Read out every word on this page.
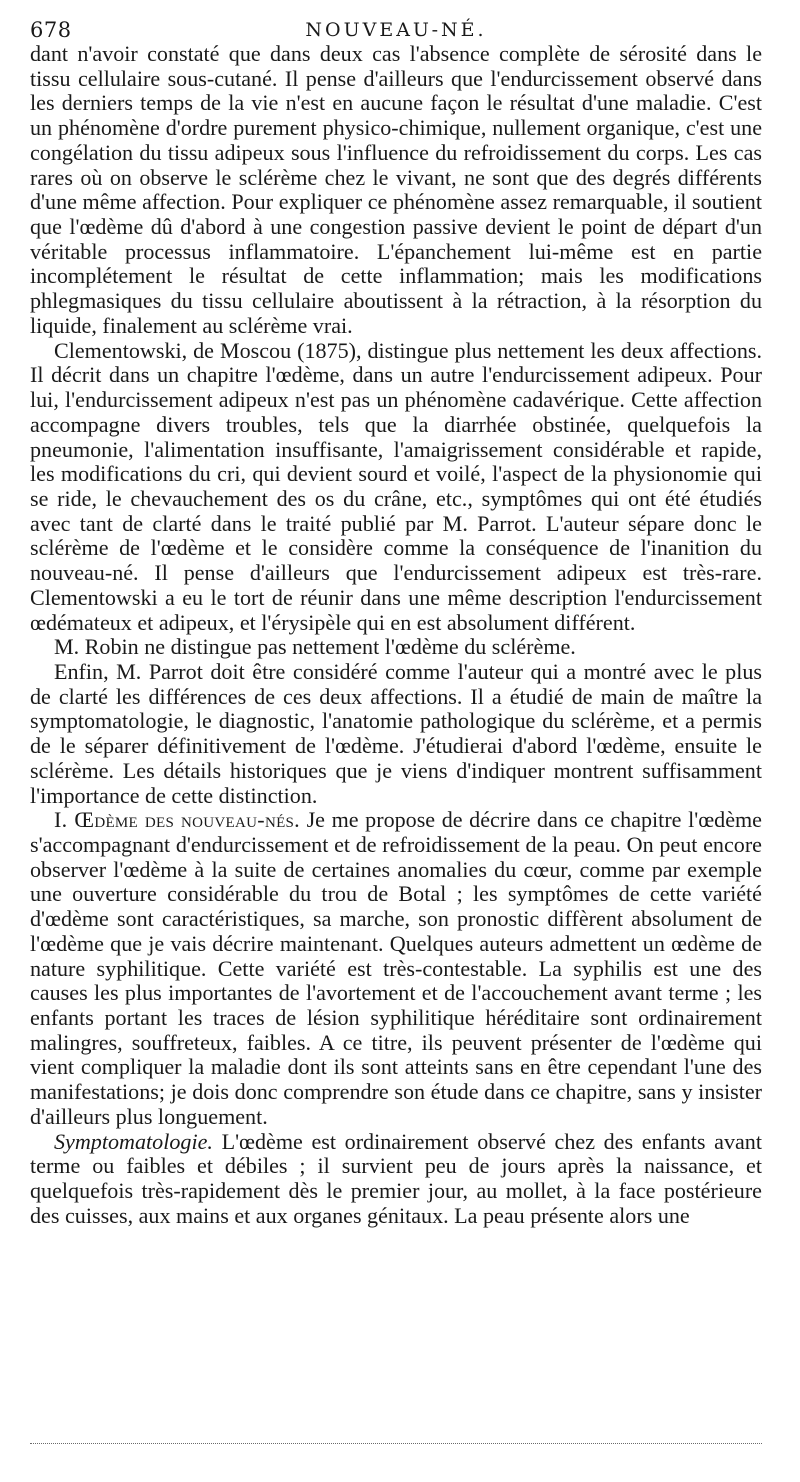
678	NOUVEAU-NÉ.

dant n'avoir constaté que dans deux cas l'absence complète de sérosité dans le tissu cellulaire sous-cutané. Il pense d'ailleurs que l'endurcissement observé dans les derniers temps de la vie n'est en aucune façon le résultat d'une maladie. C'est un phénomène d'ordre purement physico-chimique, nullement organique, c'est une congélation du tissu adipeux sous l'influence du refroidissement du corps. Les cas rares où on observe le sclérème chez le vivant, ne sont que des degrés différents d'une même affection. Pour expliquer ce phénomène assez remarquable, il soutient que l'œdème dû d'abord à une congestion passive devient le point de départ d'un véritable processus inflammatoire. L'épanchement lui-même est en partie incomplétement le résultat de cette inflammation; mais les modifications phlegmasiques du tissu cellulaire aboutissent à la rétraction, à la résorption du liquide, finalement au sclérème vrai.

Clementowski, de Moscou (1875), distingue plus nettement les deux affections. Il décrit dans un chapitre l'œdème, dans un autre l'endurcissement adipeux. Pour lui, l'endurcissement adipeux n'est pas un phénomène cadavérique. Cette affection accompagne divers troubles, tels que la diarrhée obstinée, quelquefois la pneumonie, l'alimentation insuffisante, l'amaigrissement considérable et rapide, les modifications du cri, qui devient sourd et voilé, l'aspect de la physionomie qui se ride, le chevauchement des os du crâne, etc., symptômes qui ont été étudiés avec tant de clarté dans le traité publié par M. Parrot. L'auteur sépare donc le sclérème de l'œdème et le considère comme la conséquence de l'inanition du nouveau-né. Il pense d'ailleurs que l'endurcissement adipeux est très-rare. Clementowski a eu le tort de réunir dans une même description l'endurcissement œdémateux et adipeux, et l'érysipèle qui en est absolument différent.

M. Robin ne distingue pas nettement l'œdème du sclérème.

Enfin, M. Parrot doit être considéré comme l'auteur qui a montré avec le plus de clarté les différences de ces deux affections. Il a étudié de main de maître la symptomatologie, le diagnostic, l'anatomie pathologique du sclérème, et a permis de le séparer définitivement de l'œdème. J'étudierai d'abord l'œdème, ensuite le sclérème. Les détails historiques que je viens d'indiquer montrent suffisamment l'importance de cette distinction.

I. Œdème des nouveau-nés. Je me propose de décrire dans ce chapitre l'œdème s'accompagnant d'endurcissement et de refroidissement de la peau. On peut encore observer l'œdème à la suite de certaines anomalies du cœur, comme par exemple une ouverture considérable du trou de Botal ; les symptômes de cette variété d'œdème sont caractéristiques, sa marche, son pronostic diffèrent absolument de l'œdème que je vais décrire maintenant. Quelques auteurs admettent un œdème de nature syphilitique. Cette variété est très-contestable. La syphilis est une des causes les plus importantes de l'avortement et de l'accouchement avant terme ; les enfants portant les traces de lésion syphilitique héréditaire sont ordinairement malingres, souffreteux, faibles. A ce titre, ils peuvent présenter de l'œdème qui vient compliquer la maladie dont ils sont atteints sans en être cependant l'une des manifestations; je dois donc comprendre son étude dans ce chapitre, sans y insister d'ailleurs plus longuement.

Symptomatologie. L'œdème est ordinairement observé chez des enfants avant terme ou faibles et débiles ; il survient peu de jours après la naissance, et quelquefois très-rapidement dès le premier jour, au mollet, à la face postérieure des cuisses, aux mains et aux organes génitaux. La peau présente alors une
